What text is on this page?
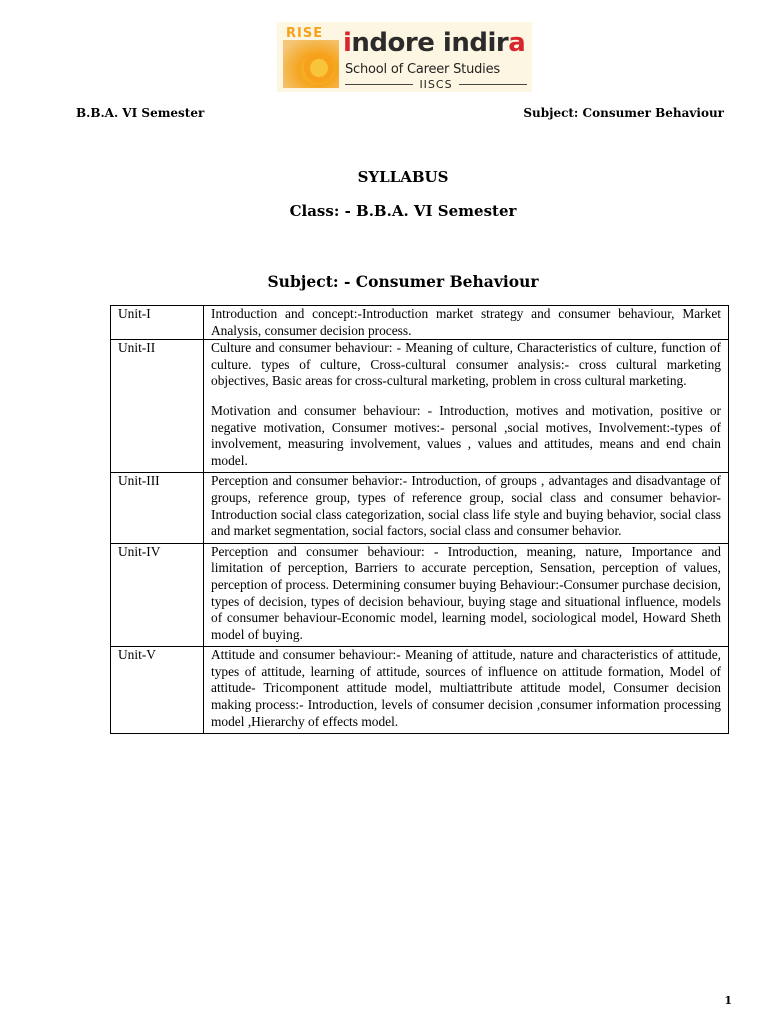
RISE indore indira
School of Career Studies
IISCS
B.B.A. VI Semester	Subject: Consumer Behaviour
SYLLABUS
Class: - B.B.A. VI Semester
Subject: - Consumer Behaviour
Unit-I	Introduction and concept:-Introduction market strategy and consumer behaviour, Market Analysis, consumer decision process.

Unit-II	Culture and consumer behaviour: - Meaning of culture, Characteristics of culture, function of culture. types of culture, Cross-cultural consumer analysis:- cross cultural marketing objectives, Basic areas for cross-cultural marketing, problem in cross cultural marketing.

Motivation and consumer behaviour: - Introduction, motives and motivation, positive or negative motivation, Consumer motives:- personal ,social motives, Involvement:-types of involvement, measuring involvement, values , values and attitudes, means and end chain model.

Unit-III	Perception and consumer behavior:- Introduction, of groups , advantages and disadvantage of groups, reference group, types of reference group, social class and consumer behavior- Introduction social class categorization, social class life style and buying behavior, social class and market segmentation, social factors, social class and consumer behavior.

Unit-IV	Perception and consumer behaviour: - Introduction, meaning, nature, Importance and limitation of perception, Barriers to accurate perception, Sensation, perception of values, perception of process. Determining consumer buying Behaviour:-Consumer purchase decision, types of decision, types of decision behaviour, buying stage and situational influence, models of consumer behaviour-Economic model, learning model, sociological model, Howard Sheth model of buying.

Unit-V	Attitude and consumer behaviour:- Meaning of attitude, nature and characteristics of attitude, types of attitude, learning of attitude, sources of influence on attitude formation, Model of attitude- Tricomponent attitude model, multiattribute attitude model, Consumer decision making process:- Introduction, levels of consumer decision ,consumer information processing model ,Hierarchy of effects model.

1
